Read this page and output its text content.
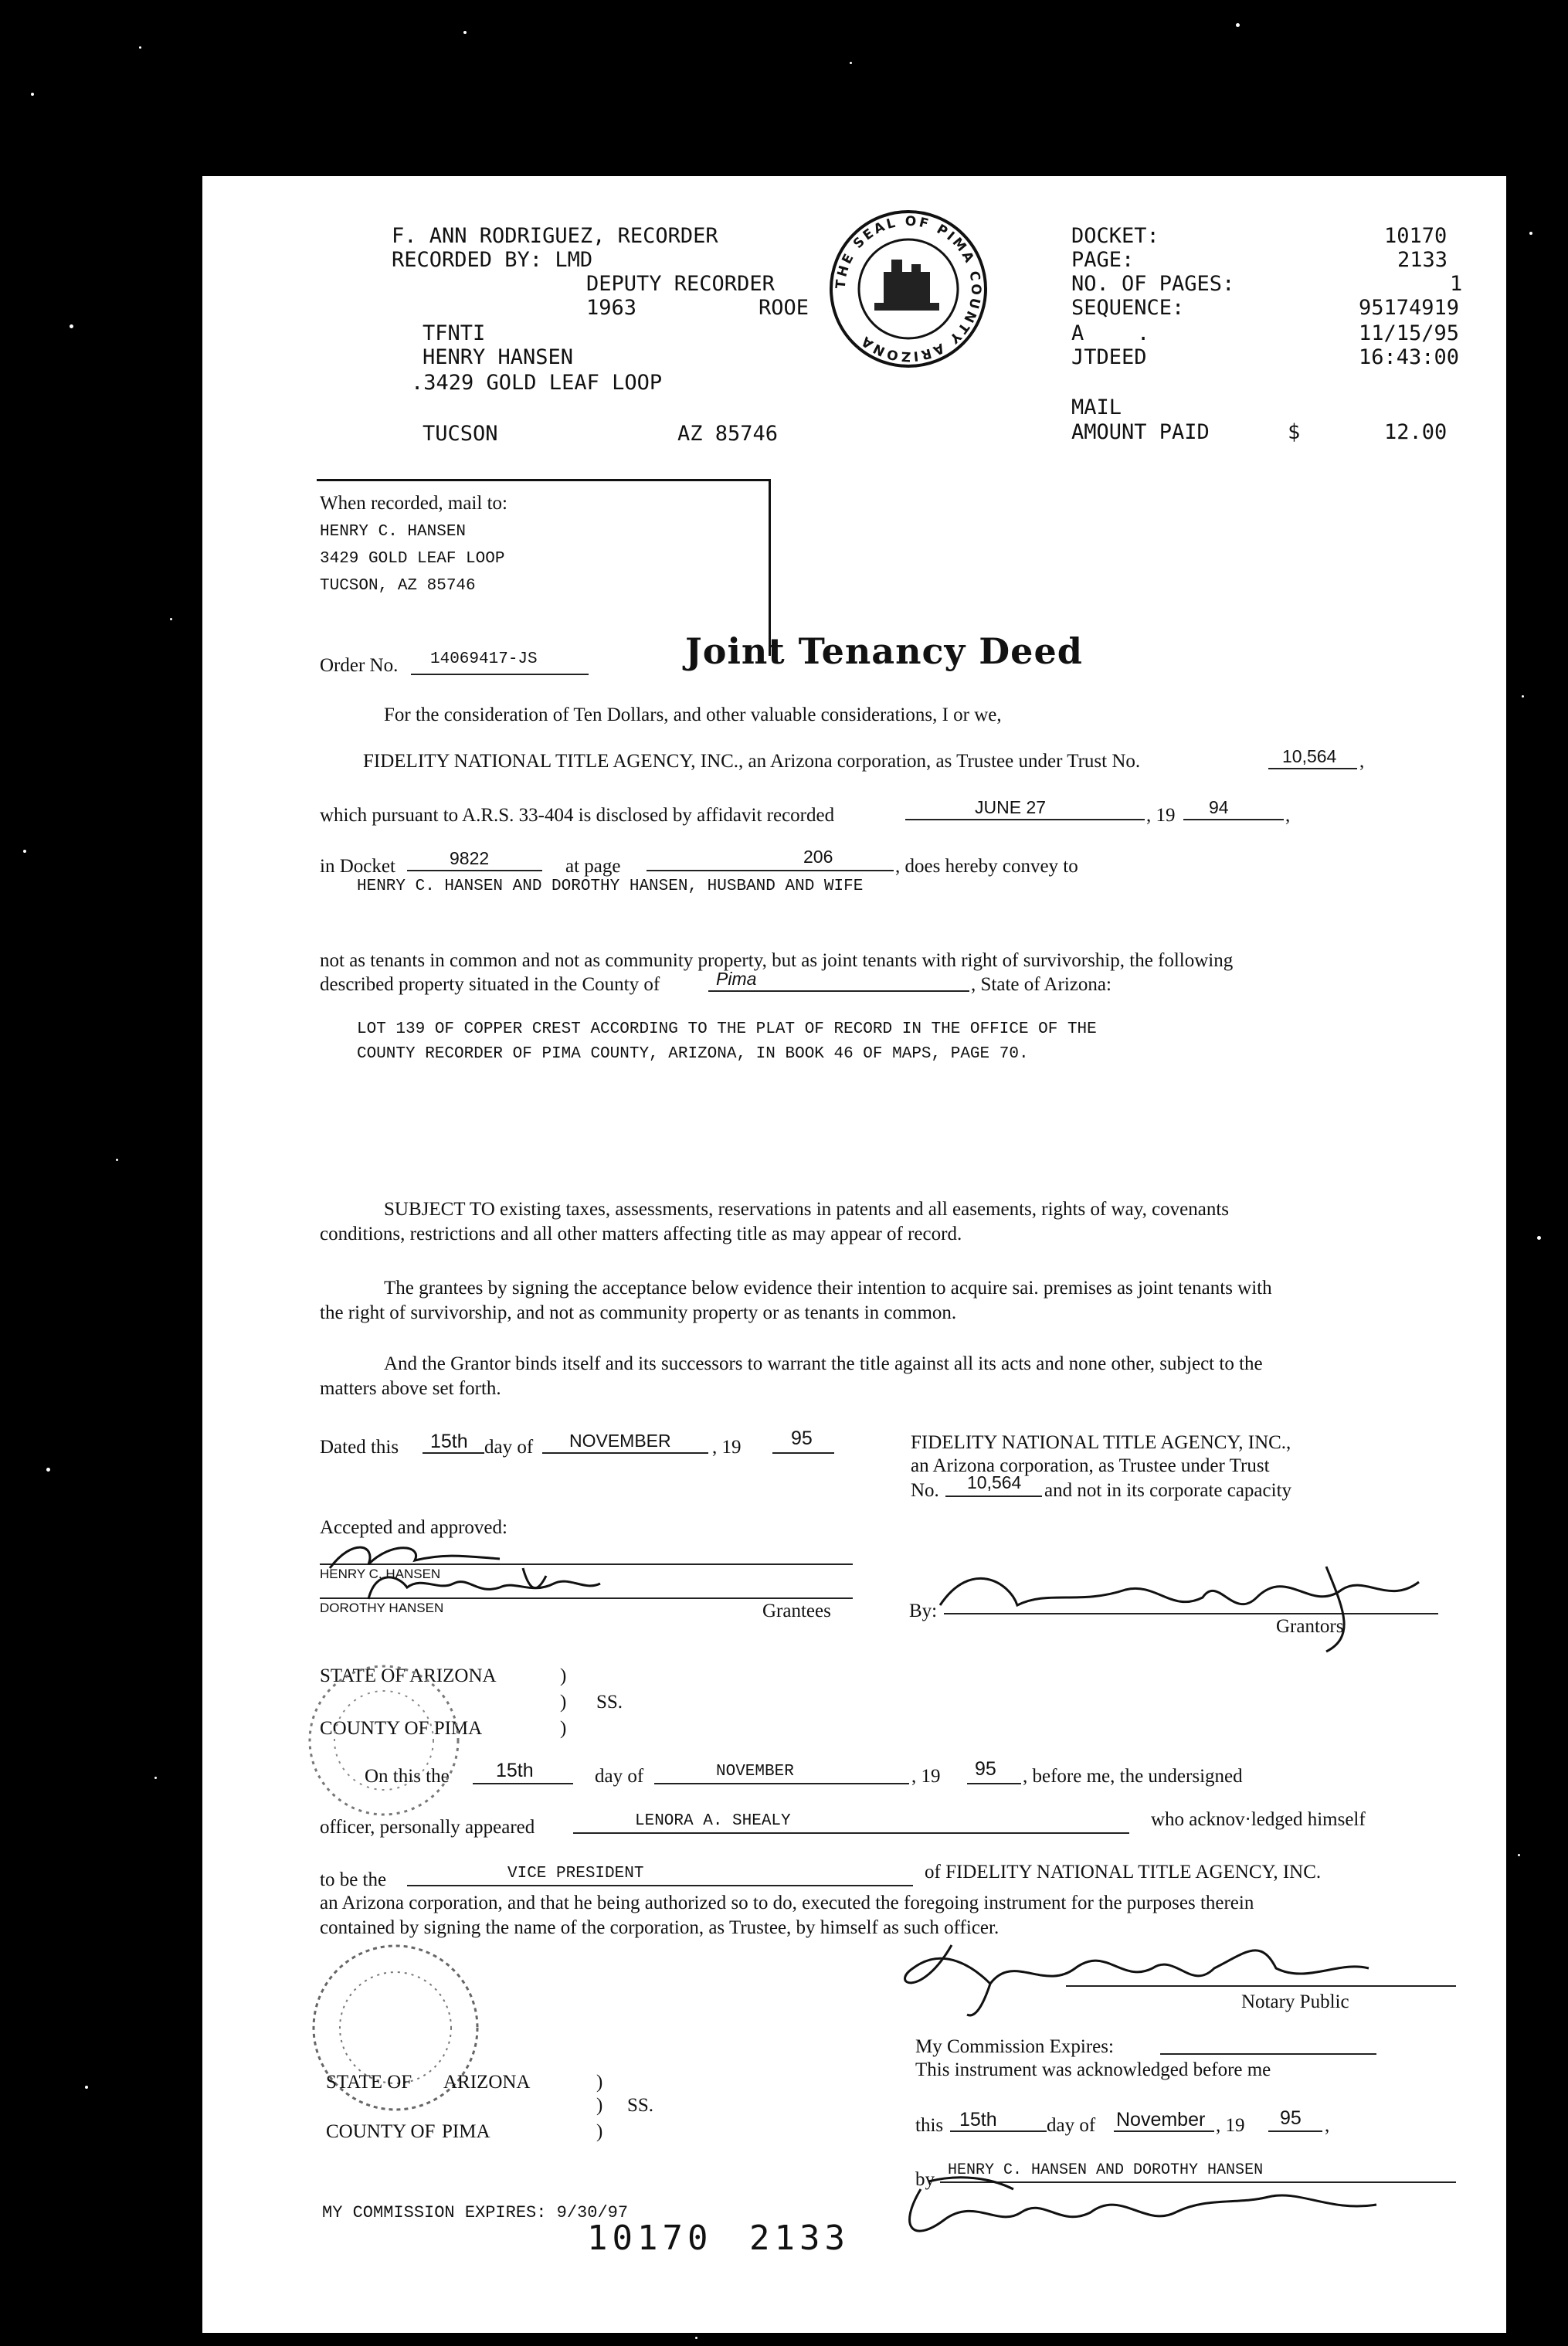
F. ANN RODRIGUEZ, RECORDER
RECORDED BY: LMD
DEPUTY RECORDER
1963	ROOE
TFNTI
HENRY HANSEN
.3429 GOLD LEAF LOOP
TUCSON	AZ 85746
THE SEAL OF PIMA COUNTY ARIZONA
DOCKET:	10170
PAGE:	2133
NO. OF PAGES:	1
SEQUENCE:	95174919
A	.	11/15/95
JTDEED	16:43:00
MAIL
AMOUNT PAID	$	12.00
When recorded, mail to:
HENRY C. HANSEN
3429 GOLD LEAF LOOP
TUCSON, AZ 85746
Order No. 14069417-JS	Joint Tenancy Deed
For the consideration of Ten Dollars, and other valuable considerations, I or we,
FIDELITY NATIONAL TITLE AGENCY, INC., an Arizona corporation, as Trustee under Trust No.	10,564 ,
which pursuant to A.R.S. 33-404 is disclosed by affidavit recorded	JUNE 27	, 19 94	,
in Docket	9822	at page	206	, does hereby convey to
HENRY C. HANSEN AND DOROTHY HANSEN, HUSBAND AND WIFE
not as tenants in common and not as community property, but as joint tenants with right of survivorship, the following
described property situated in the County of	Pima	, State of Arizona:
LOT 139 OF COPPER CREST ACCORDING TO THE PLAT OF RECORD IN THE OFFICE OF THE
COUNTY RECORDER OF PIMA COUNTY, ARIZONA, IN BOOK 46 OF MAPS, PAGE 70.
SUBJECT TO existing taxes, assessments, reservations in patents and all easements, rights of way, covenants
conditions, restrictions and all other matters affecting title as may appear of record.
The grantees by signing the acceptance below evidence their intention to acquire sai. premises as joint tenants with
the right of survivorship, and not as community property or as tenants in common.
And the Grantor binds itself and its successors to warrant the title against all its acts and none other, subject to the
matters above set forth.
Dated this 15th day of NOVEMBER , 19	95	FIDELITY NATIONAL TITLE AGENCY, INC.,
an Arizona corporation, as Trustee under Trust
No. 10,564 and not in its corporate capacity
Accepted and approved:
HENRY C. HANSEN
DOROTHY HANSEN	Grantees	By:
Grantors
STATE OF ARIZONA	)
) SS.
COUNTY OF PIMA	)
On this the 15th	day of	NOVEMBER	, 19 95 , before me, the undersigned
officer, personally appeared	LENORA A. SHEALY	who acknov·ledged himself
to be the	VICE PRESIDENT	of FIDELITY NATIONAL TITLE AGENCY, INC.
an Arizona corporation, and that he being authorized so to do, executed the foregoing instrument for the purposes therein
contained by signing the name of the corporation, as Trustee, by himself as such officer.
Notary Public
My Commission Expires:
STATE OF ARIZONA	)
) SS.
COUNTY OF PIMA	)
This instrument was acknowledged before me
this 15th	day of November , 19 95 ,
by HENRY C. HANSEN AND DOROTHY HANSEN
MY COMMISSION EXPIRES: 9/30/97
10170 2133
